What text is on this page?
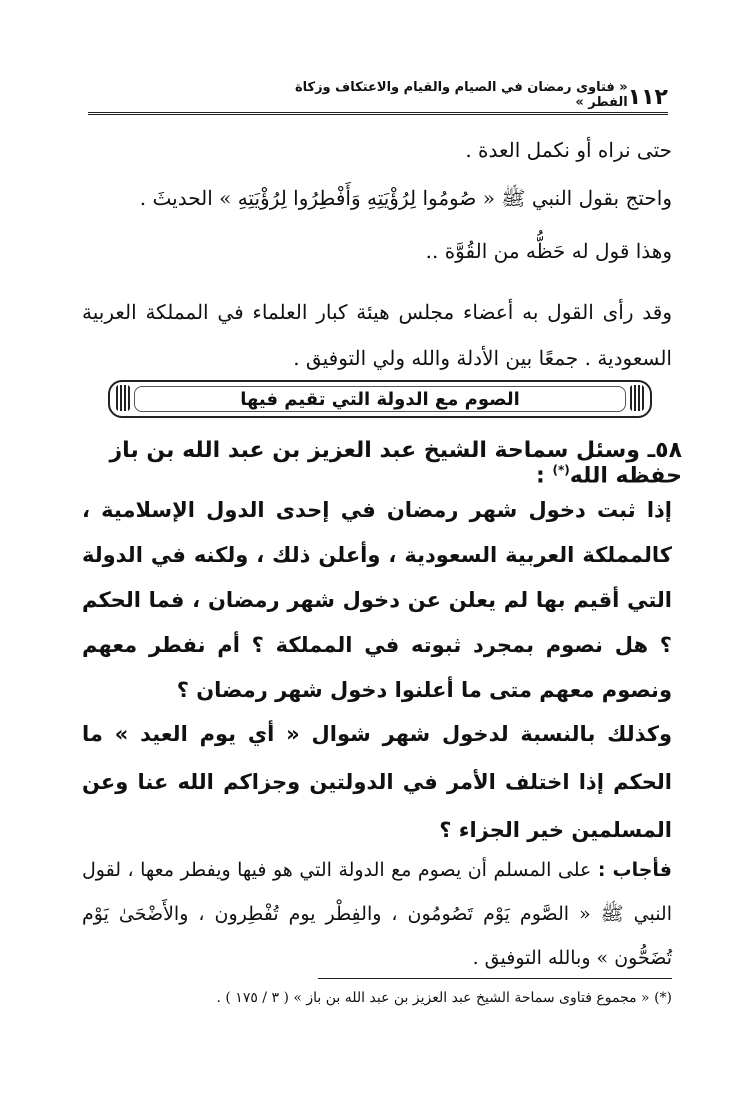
١١٢
« فتاوى رمضان في الصيام والقيام والاعتكاف وزكاة الفطر »
حتى نراه أو نكمل العدة .
واحتج بقول النبي ﷺ « صُومُوا لِرُؤْيَتِهِ وَأَفْطِرُوا لِرُؤْيَتِهِ » الحديثَ .
وهذا قول له حَظُّه من القُوَّة ..
وقد رأى القول به أعضاء مجلس هيئة كبار العلماء في المملكة العربية السعودية . جمعًا بين الأدلة والله ولي التوفيق .
الصوم مع الدولة التي تقيم فيها
٥٨ـ وسئل سماحة الشيخ عبد العزيز بن عبد الله بن باز حفظه الله(*) :
إذا ثبت دخول شهر رمضان في إحدى الدول الإسلامية ، كالمملكة العربية السعودية ، وأعلن ذلك ، ولكنه في الدولة التي أقيم بها لم يعلن عن دخول شهر رمضان ، فما الحكم ؟ هل نصوم بمجرد ثبوته في المملكة ؟ أم نفطر معهم ونصوم معهم متى ما أعلنوا دخول شهر رمضان ؟
وكذلك بالنسبة لدخول شهر شوال « أي يوم العيد » ما الحكم إذا اختلف الأمر في الدولتين وجزاكم الله عنا وعن المسلمين خير الجزاء ؟
فأجاب : على المسلم أن يصوم مع الدولة التي هو فيها ويفطر معها ، لقول النبي ﷺ « الصَّوم يَوْم تَصُومُون ، والفِطْر يوم تُفْطِرون ، والأَضْحَىٰ يَوْم تُضَحُّون » وبالله التوفيق .
(*) « مجموع فتاوى سماحة الشيخ عبد العزيز بن عبد الله بن باز » ( ٣ / ١٧٥ ) .
